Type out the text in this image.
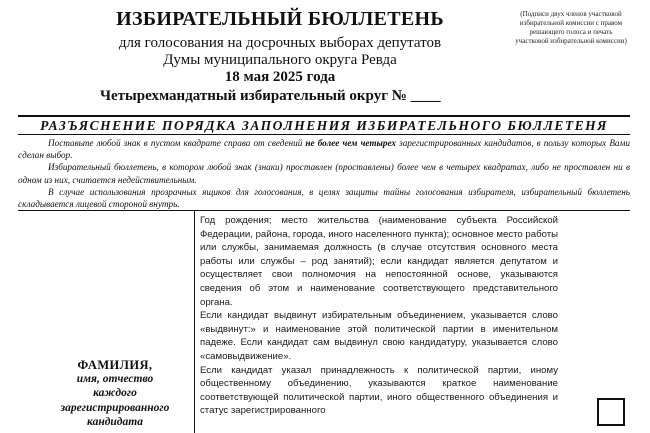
ИЗБИРАТЕЛЬНЫЙ БЮЛЛЕТЕНЬ
для голосования на досрочных выборах депутатов
Думы муниципального округа Ревда
18 мая 2025 года
Четырехмандатный избирательный округ № ____
(Подписи двух членов участковой избирательной комиссии с правом решающего голоса и печать участковой избирательной комиссии)
РАЗЪЯСНЕНИЕ ПОРЯДКА ЗАПОЛНЕНИЯ ИЗБИРАТЕЛЬНОГО БЮЛЛЕТЕНЯ

Поставьте любой знак в пустом квадрате справа от сведений не более чем четырех зарегистрированных кандидатов, в пользу которых Вами сделан выбор.

Избирательный бюллетень, в котором любой знак (знаки) проставлен (проставлены) более чем в четырех квадратах, либо не проставлен ни в одном из них, считается недействительным.

В случае использования прозрачных ящиков для голосования, в целях защиты тайны голосования избирателя, избирательный бюллетень складывается лицевой стороной внутрь.

ФАМИЛИЯ,
имя, отчество
каждого
зарегистрированного
кандидата

Год рождения; место жительства (наименование субъекта Российской Федерации, района, города, иного населенного пункта); основное место работы или службы, занимаемая должность (в случае отсутствия основного места работы или службы – род занятий); если кандидат является депутатом и осуществляет свои полномочия на непостоянной основе, указываются сведения об этом и наименование соответствующего представительного органа.

Если кандидат выдвинут избирательным объединением, указывается слово «выдвинут:» и наименование этой политической партии в именительном падеже. Если кандидат сам выдвинул свою кандидатуру, указывается слово «самовыдвижение».

Если кандидат указал принадлежность к политической партии, иному общественному объединению, указываются краткое наименование соответствующей политической партии, иного общественного объединения и статус зарегистрированного
